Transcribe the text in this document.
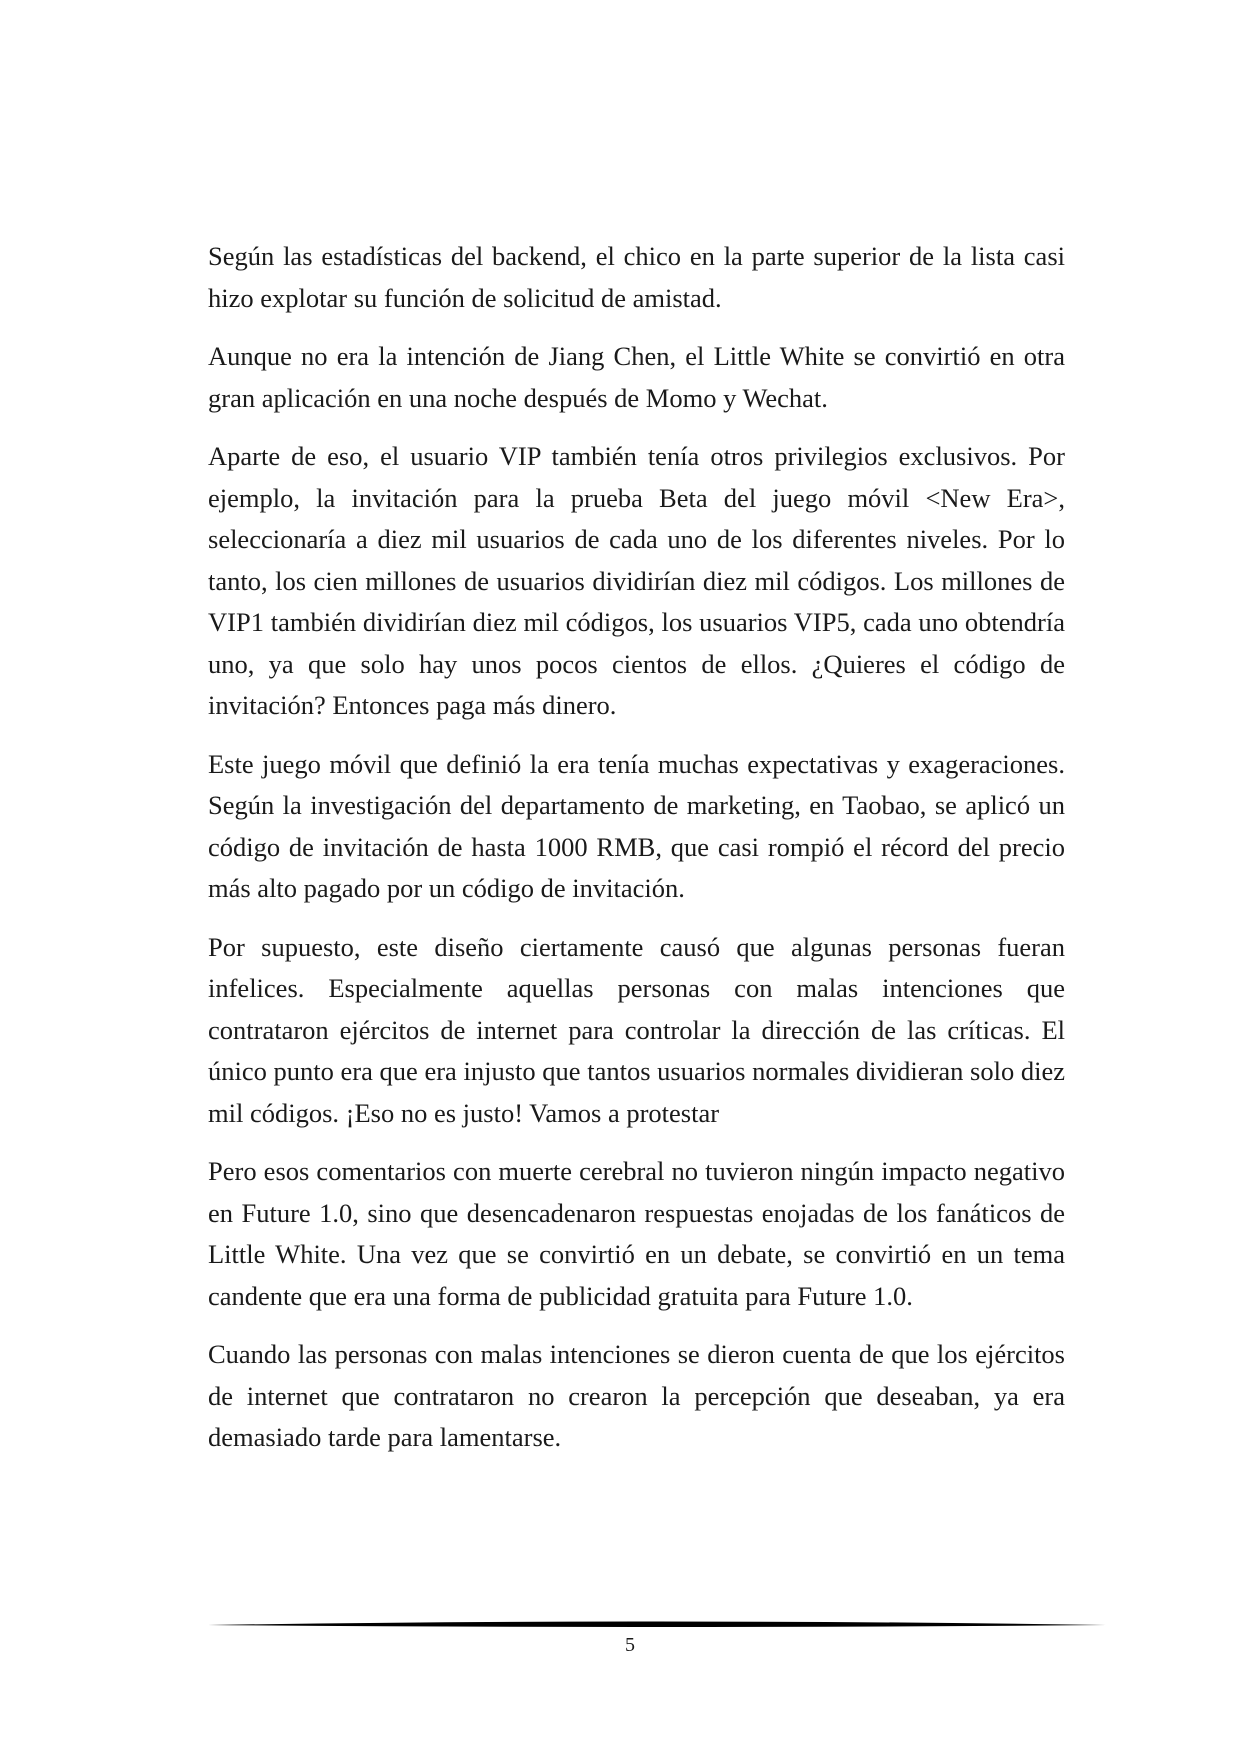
Según las estadísticas del backend, el chico en la parte superior de la lista casi hizo explotar su función de solicitud de amistad.

Aunque no era la intención de Jiang Chen, el Little White se convirtió en otra gran aplicación en una noche después de Momo y Wechat.

Aparte de eso, el usuario VIP también tenía otros privilegios exclusivos. Por ejemplo, la invitación para la prueba Beta del juego móvil <New Era>, seleccionaría a diez mil usuarios de cada uno de los diferentes niveles. Por lo tanto, los cien millones de usuarios dividirían diez mil códigos. Los millones de VIP1 también dividirían diez mil códigos, los usuarios VIP5, cada uno obtendría uno, ya que solo hay unos pocos cientos de ellos. ¿Quieres el código de invitación? Entonces paga más dinero.

Este juego móvil que definió la era tenía muchas expectativas y exageraciones. Según la investigación del departamento de marketing, en Taobao, se aplicó un código de invitación de hasta 1000 RMB, que casi rompió el récord del precio más alto pagado por un código de invitación.

Por supuesto, este diseño ciertamente causó que algunas personas fueran infelices. Especialmente aquellas personas con malas intenciones que contrataron ejércitos de internet para controlar la dirección de las críticas. El único punto era que era injusto que tantos usuarios normales dividieran solo diez mil códigos. ¡Eso no es justo! Vamos a protestar

Pero esos comentarios con muerte cerebral no tuvieron ningún impacto negativo en Future 1.0, sino que desencadenaron respuestas enojadas de los fanáticos de Little White. Una vez que se convirtió en un debate, se convirtió en un tema candente que era una forma de publicidad gratuita para Future 1.0.

Cuando las personas con malas intenciones se dieron cuenta de que los ejércitos de internet que contrataron no crearon la percepción que deseaban, ya era demasiado tarde para lamentarse.

5
